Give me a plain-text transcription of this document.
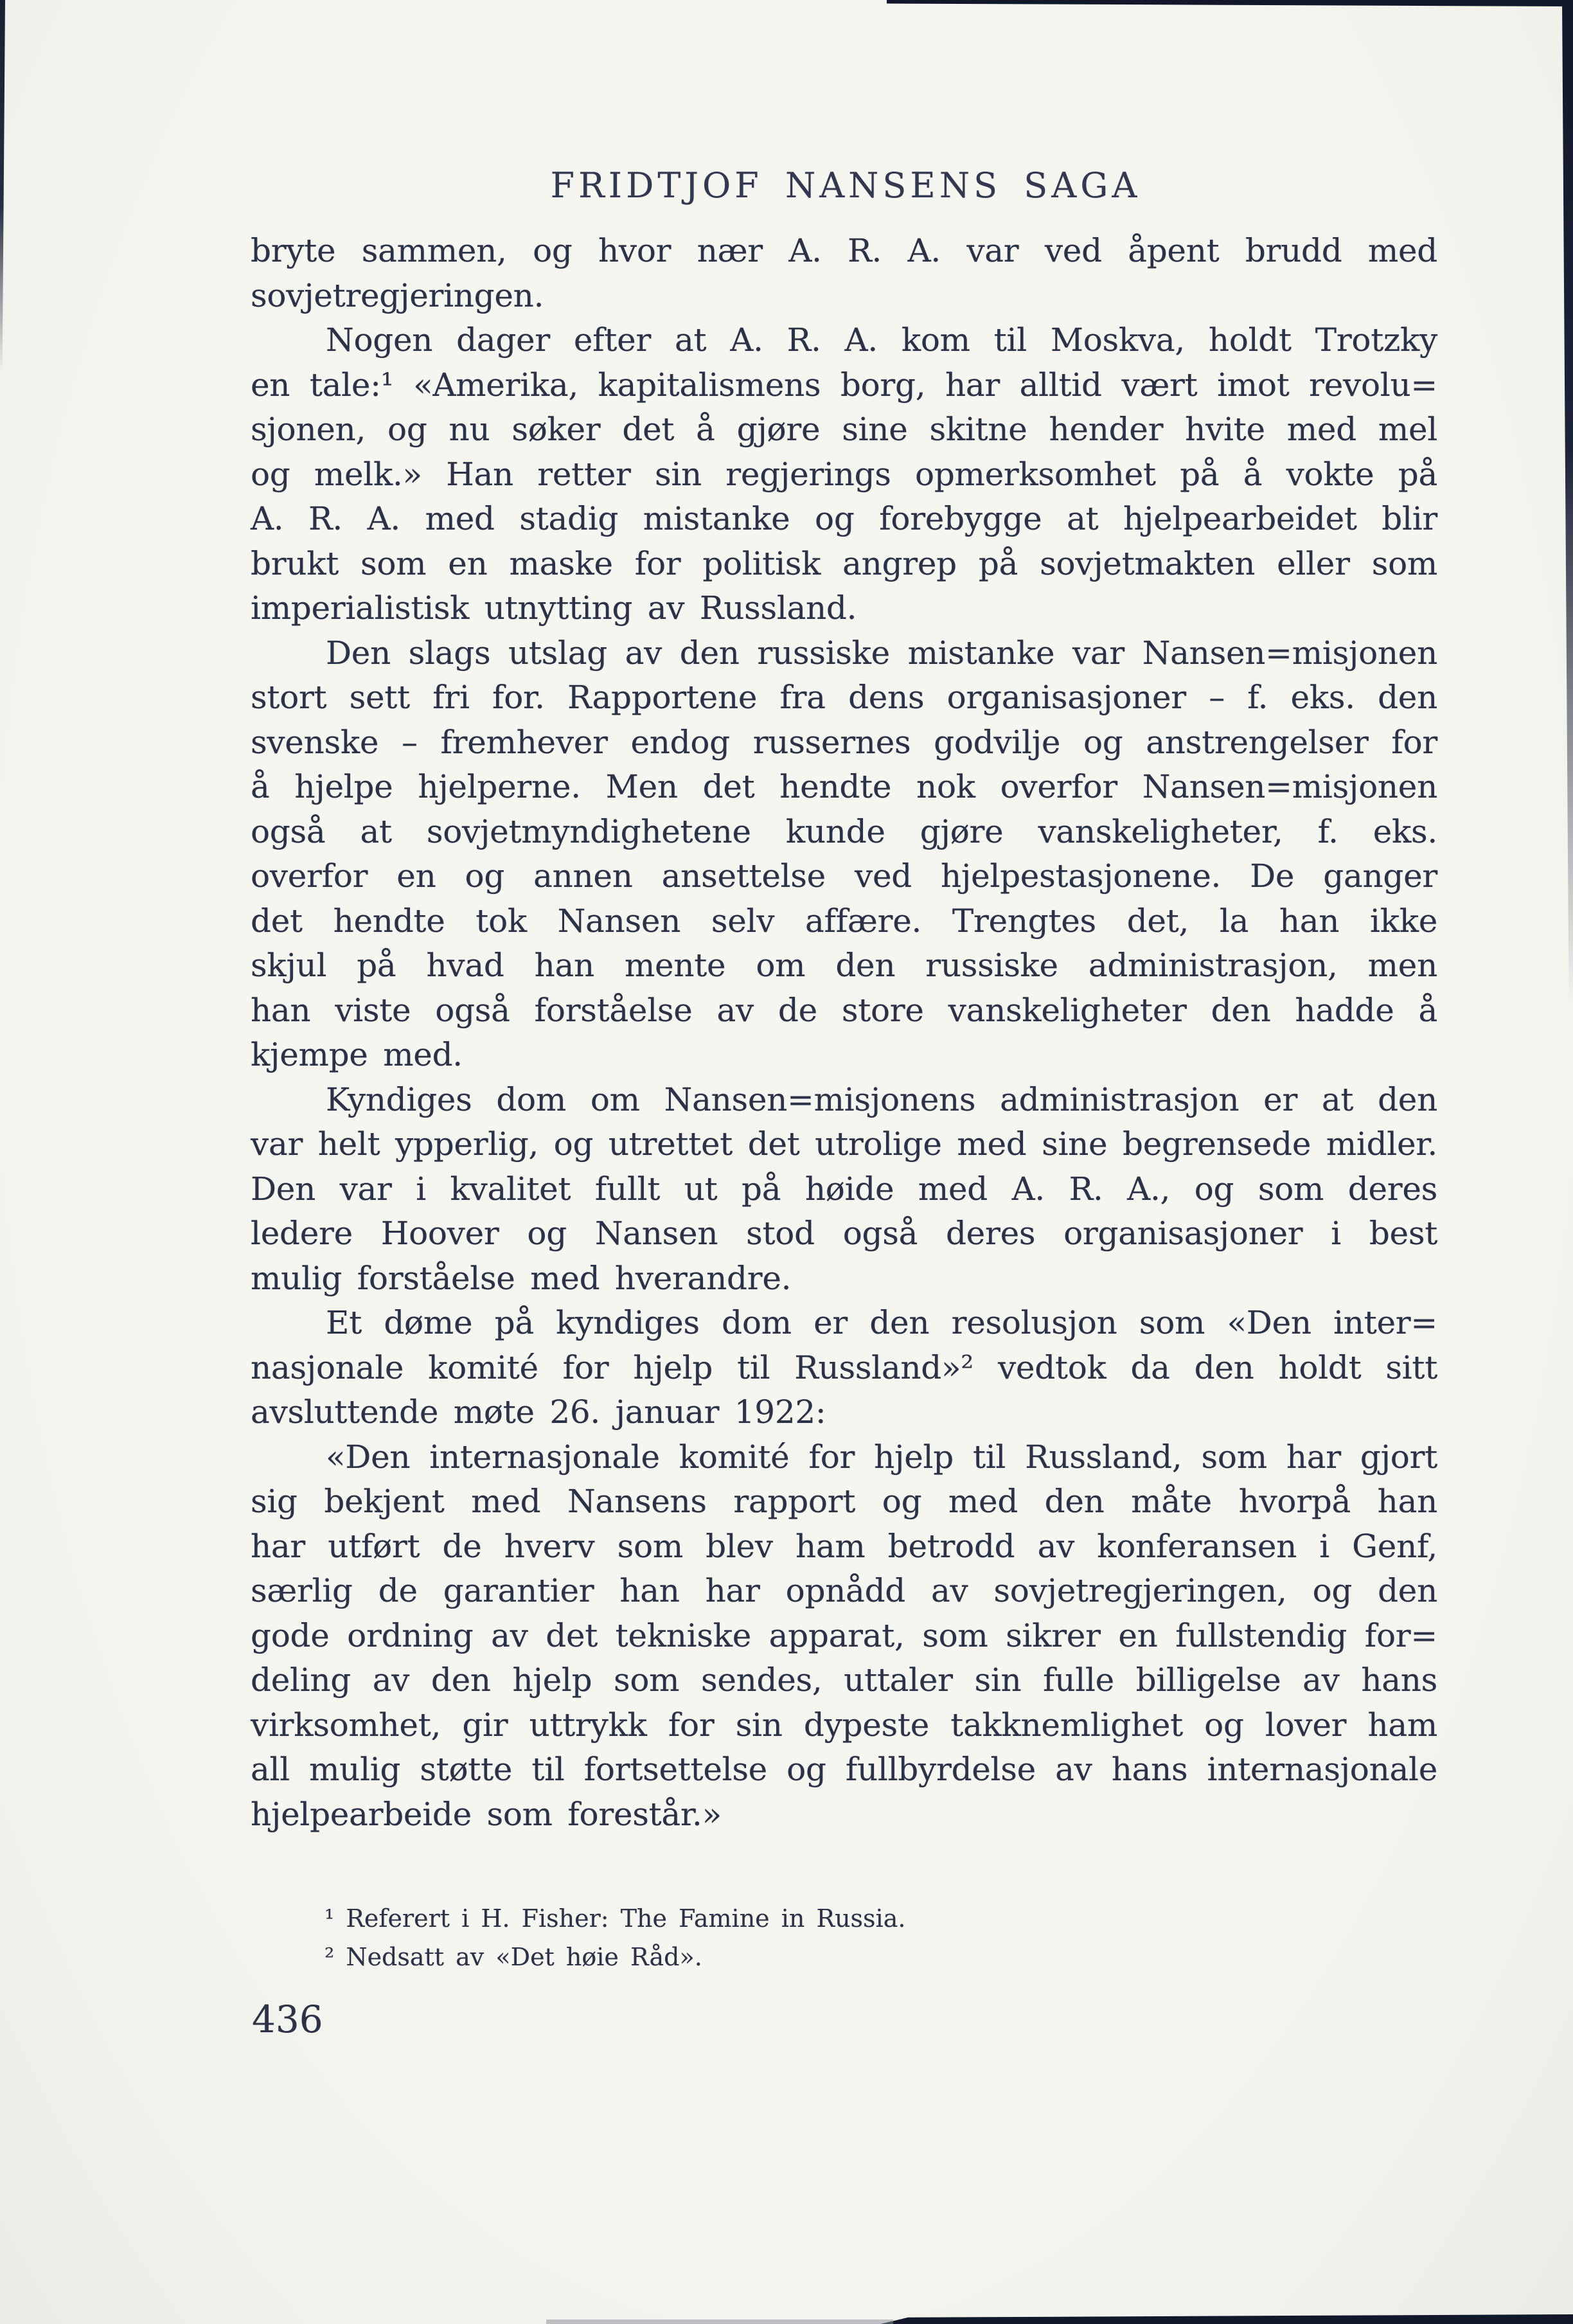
FRIDTJOF NANSENS SAGA
bryte sammen, og hvor nær A. R. A. var ved åpent brudd med
sovjetregjeringen.
Nogen dager efter at A. R. A. kom til Moskva, holdt Trotzky
en tale:¹ «Amerika, kapitalismens borg, har alltid vært imot revolu=
sjonen, og nu søker det å gjøre sine skitne hender hvite med mel
og melk.» Han retter sin regjerings opmerksomhet på å vokte på
A. R. A. med stadig mistanke og forebygge at hjelpearbeidet blir
brukt som en maske for politisk angrep på sovjetmakten eller som
imperialistisk utnytting av Russland.
Den slags utslag av den russiske mistanke var Nansen=misjonen
stort sett fri for. Rapportene fra dens organisasjoner – f. eks. den
svenske – fremhever endog russernes godvilje og anstrengelser for
å hjelpe hjelperne. Men det hendte nok overfor Nansen=misjonen
også at sovjetmyndighetene kunde gjøre vanskeligheter, f. eks.
overfor en og annen ansettelse ved hjelpestasjonene. De ganger
det hendte tok Nansen selv affære. Trengtes det, la han ikke
skjul på hvad han mente om den russiske administrasjon, men
han viste også forståelse av de store vanskeligheter den hadde å
kjempe med.
Kyndiges dom om Nansen=misjonens administrasjon er at den
var helt ypperlig, og utrettet det utrolige med sine begrensede midler.
Den var i kvalitet fullt ut på høide med A. R. A., og som deres
ledere Hoover og Nansen stod også deres organisasjoner i best
mulig forståelse med hverandre.
Et døme på kyndiges dom er den resolusjon som «Den inter=
nasjonale komité for hjelp til Russland»² vedtok da den holdt sitt
avsluttende møte 26. januar 1922:
«Den internasjonale komité for hjelp til Russland, som har gjort
sig bekjent med Nansens rapport og med den måte hvorpå han
har utført de hverv som blev ham betrodd av konferansen i Genf,
særlig de garantier han har opnådd av sovjetregjeringen, og den
gode ordning av det tekniske apparat, som sikrer en fullstendig for=
deling av den hjelp som sendes, uttaler sin fulle billigelse av hans
virksomhet, gir uttrykk for sin dypeste takknemlighet og lover ham
all mulig støtte til fortsettelse og fullbyrdelse av hans internasjonale
hjelpearbeide som forestår.»
¹ Referert i H. Fisher: The Famine in Russia.
² Nedsatt av «Det høie Råd».
436
